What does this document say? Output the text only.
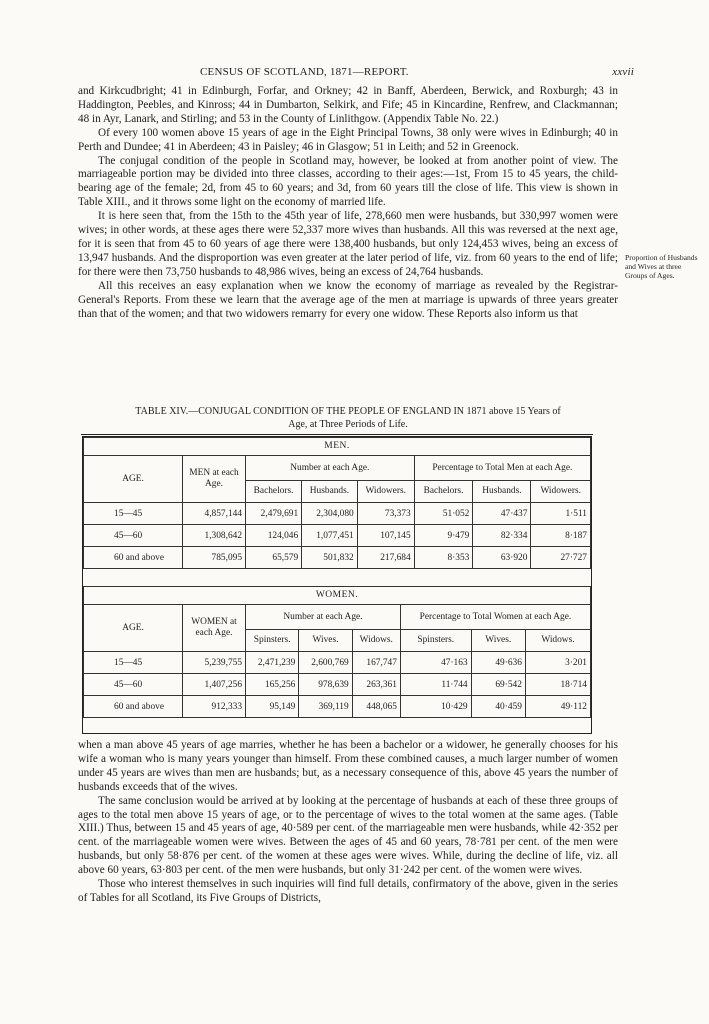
CENSUS OF SCOTLAND, 1871—REPORT.	xxvii

and Kirkcudbright; 41 in Edinburgh, Forfar, and Orkney; 42 in Banff, Aberdeen, Berwick, and Roxburgh; 43 in Haddington, Peebles, and Kinross; 44 in Dumbarton, Selkirk, and Fife; 45 in Kincardine, Renfrew, and Clackmannan; 48 in Ayr, Lanark, and Stirling; and 53 in the County of Linlithgow. (Appendix Table No. 22.)

Of every 100 women above 15 years of age in the Eight Principal Towns, 38 only were wives in Edinburgh; 40 in Perth and Dundee; 41 in Aberdeen; 43 in Paisley; 46 in Glasgow; 51 in Leith; and 52 in Greenock.

The conjugal condition of the people in Scotland may, however, be looked at from another point of view. The marriageable portion may be divided into three classes, according to their ages:—1st, From 15 to 45 years, the child-bearing age of the female; 2d, from 45 to 60 years; and 3d, from 60 years till the close of life. This view is shown in Table XIII., and it throws some light on the economy of married life.

It is here seen that, from the 15th to the 45th year of life, 278,660 men were husbands, but 330,997 women were wives; in other words, at these ages there were 52,337 more wives than husbands. All this was reversed at the next age, for it is seen that from 45 to 60 years of age there were 138,400 husbands, but only 124,453 wives, being an excess of 13,947 husbands. And the disproportion was even greater at the later period of life, viz. from 60 years to the end of life; for there were then 73,750 husbands to 48,986 wives, being an excess of 24,764 husbands.

All this receives an easy explanation when we know the economy of marriage as revealed by the Registrar-General's Reports. From these we learn that the average age of the men at marriage is upwards of three years greater than that of the women; and that two widowers remarry for every one widow. These Reports also inform us that

Proportion of Husbands and Wives at three Groups of Ages.
TABLE XIV.—CONJUGAL CONDITION OF THE PEOPLE OF ENGLAND IN 1871 above 15 Years of
Age, at Three Periods of Life.
MEN.							
AGE.	MEN at each Age.	Number at each Age.			Percentage to Total Men at each Age.		
		Bachelors.	Husbands.	Widowers.	Bachelors.	Husbands.	Widowers.
15—45	4,857,144	2,479,691	2,304,080	73,373	51·052	47·437	1·511
45—60	1,308,642	124,046	1,077,451	107,145	9·479	82·334	8·187
60 and above	785,095	65,579	501,832	217,684	8·353	63·920	27·727
WOMEN.							
AGE.	WOMEN at each Age.	Number at each Age.			Percentage to Total Women at each Age.		
		Spinsters.	Wives.	Widows.	Spinsters.	Wives.	Widows.
15—45	5,239,755	2,471,239	2,600,769	167,747	47·163	49·636	3·201
45—60	1,407,256	165,256	978,639	263,361	11·744	69·542	18·714
60 and above	912,333	95,149	369,119	448,065	10·429	40·459	49·112

when a man above 45 years of age marries, whether he has been a bachelor or a widower, he generally chooses for his wife a woman who is many years younger than himself. From these combined causes, a much larger number of women under 45 years are wives than men are husbands; but, as a necessary consequence of this, above 45 years the number of husbands exceeds that of the wives.

The same conclusion would be arrived at by looking at the percentage of husbands at each of these three groups of ages to the total men above 15 years of age, or to the percentage of wives to the total women at the same ages. (Table XIII.) Thus, between 15 and 45 years of age, 40·589 per cent. of the marriageable men were husbands, while 42·352 per cent. of the marriageable women were wives. Between the ages of 45 and 60 years, 78·781 per cent. of the men were husbands, but only 58·876 per cent. of the women at these ages were wives. While, during the decline of life, viz. all above 60 years, 63·803 per cent. of the men were husbands, but only 31·242 per cent. of the women were wives.

Those who interest themselves in such inquiries will find full details, confirmatory of the above, given in the series of Tables for all Scotland, its Five Groups of Districts,
